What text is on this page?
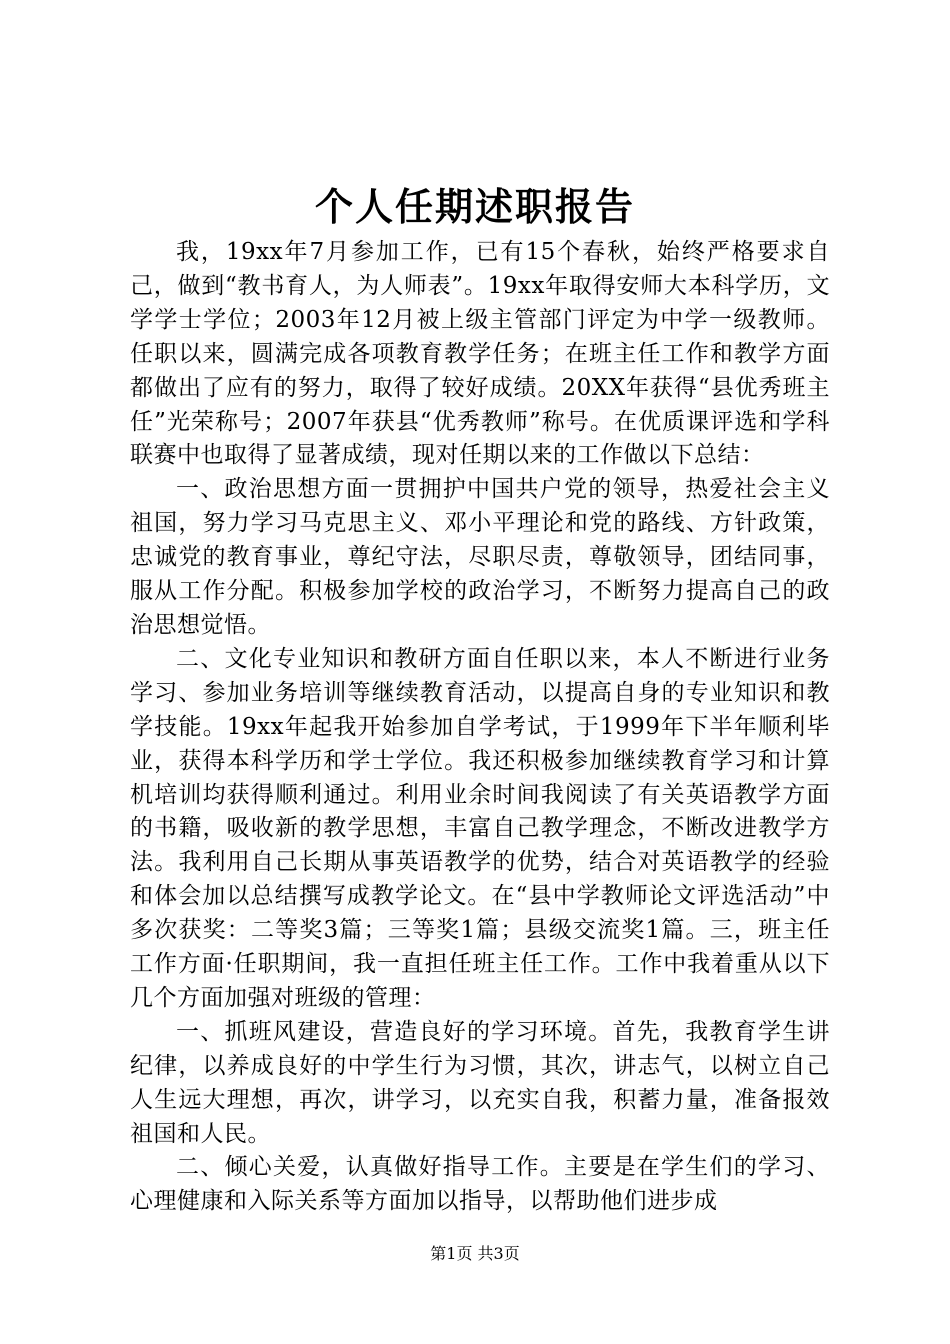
个人任期述职报告

我，19xx年7月参加工作，已有15个春秋，始终严格要求自己，做到“教书育人，为人师表”。19xx年取得安师大本科学历，文学学士学位；2003年12月被上级主管部门评定为中学一级教师。任职以来，圆满完成各项教育教学任务；在班主任工作和教学方面都做出了应有的努力，取得了较好成绩。20XX年获得“县优秀班主任”光荣称号；2007年获县“优秀教师”称号。在优质课评选和学科联赛中也取得了显著成绩，现对任期以来的工作做以下总结：

一、政治思想方面一贯拥护中国共户党的领导，热爱社会主义祖国，努力学习马克思主义、邓小平理论和党的路线、方针政策，忠诚党的教育事业，尊纪守法，尽职尽责，尊敬领导，团结同事，服从工作分配。积极参加学校的政治学习，不断努力提高自己的政治思想觉悟。

二、文化专业知识和教研方面自任职以来，本人不断进行业务学习、参加业务培训等继续教育活动，以提高自身的专业知识和教学技能。19xx年起我开始参加自学考试，于1999年下半年顺利毕业，获得本科学历和学士学位。我还积极参加继续教育学习和计算机培训均获得顺利通过。利用业余时间我阅读了有关英语教学方面的书籍，吸收新的教学思想，丰富自己教学理念，不断改进教学方法。我利用自己长期从事英语教学的优势，结合对英语教学的经验和体会加以总结撰写成教学论文。在“县中学教师论文评选活动”中多次获奖：二等奖3篇；三等奖1篇；县级交流奖1篇。三，班主任工作方面·任职期间，我一直担任班主任工作。工作中我着重从以下几个方面加强对班级的管理：

一、抓班风建设，营造良好的学习环境。首先，我教育学生讲纪律，以养成良好的中学生行为习惯，其次，讲志气，以树立自己人生远大理想，再次，讲学习，以充实自我，积蓄力量，准备报效祖国和人民。

二、倾心关爱，认真做好指导工作。主要是在学生们的学习、心理健康和入际关系等方面加以指导，以帮助他们进步成

第1页 共3页
